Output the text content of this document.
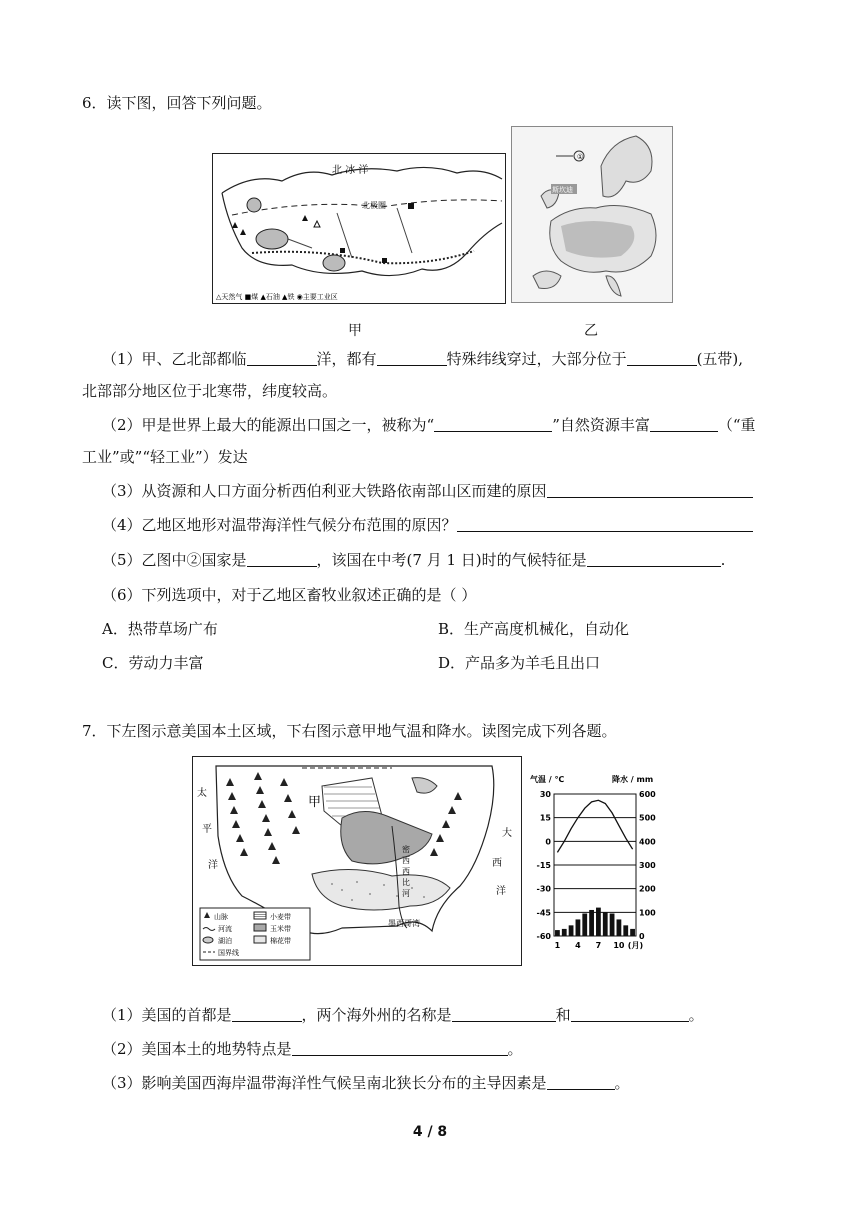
6．读下图，回答下列问题。
北 冰 洋
北极圈
△天然气 ■煤 ▲石油 ▲铁 ◉主要工业区
①
斯坎迪
甲	乙
（1）甲、乙北部都临	洋，都有	特殊纬线穿过，大部分位于	(五带),
北部部分地区位于北寒带，纬度较高。
（2）甲是世界上最大的能源出口国之一，被称为“	”自然资源丰富	（“重
工业”或”“轻工业”）发达
（3）从资源和人口方面分析西伯利亚大铁路依南部山区而建的原因
（4）乙地区地形对温带海洋性气候分布范围的原因？
（5）乙图中②国家是	，该国在中考(7 月 1 日)时的气候特征是	.
（6）下列选项中，对于乙地区畜牧业叙述正确的是（ ）
A．热带草场广布	B．生产高度机械化，自动化
C．劳动力丰富	D．产品多为羊毛且出口
7．下左图示意美国本土区域，下右图示意甲地气温和降水。读图完成下列各题。
甲
太
平
洋
大
西
洋
密
西
西
比
河
墨西哥湾
山脉	小麦带
河流	玉米带
湖泊	棉花带
国界线
气温 / ℃	降水 / mm
30	600
15	500
0	400
-15	300
-30	200
-45	100
-60	0
1 4 7 10 (月)
（1）美国的首都是	，两个海外州的名称是	和	。
（2）美国本土的地势特点是	。
（3）影响美国西海岸温带海洋性气候呈南北狭长分布的主导因素是	。
4 / 8
